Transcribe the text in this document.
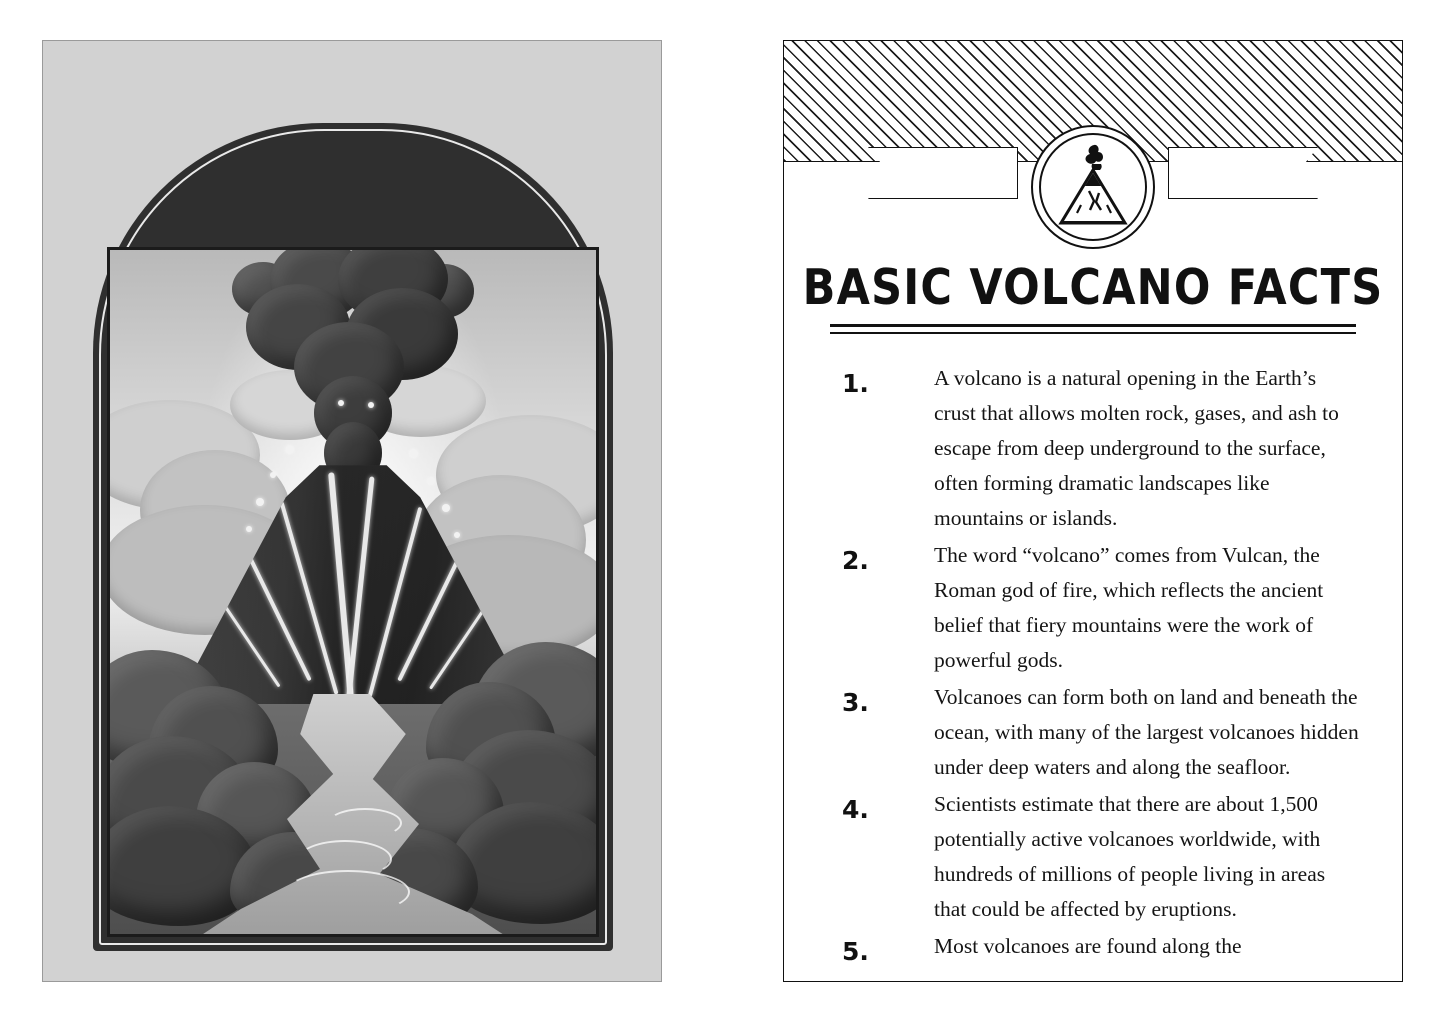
BASIC VOLCANO FACTS
1.	A volcano is a natural opening in the Earth’s crust that allows molten rock, gases, and ash to escape from deep underground to the surface, often forming dramatic landscapes like mountains or islands.
2.	The word “volcano” comes from Vulcan, the Roman god of fire, which reflects the ancient belief that fiery mountains were the work of powerful gods.
3.	Volcanoes can form both on land and beneath the ocean, with many of the largest volcanoes hidden under deep waters and along the seafloor.
4.	Scientists estimate that there are about 1,500 potentially active volcanoes worldwide, with hundreds of millions of people living in areas that could be affected by eruptions.
5.	Most volcanoes are found along the
